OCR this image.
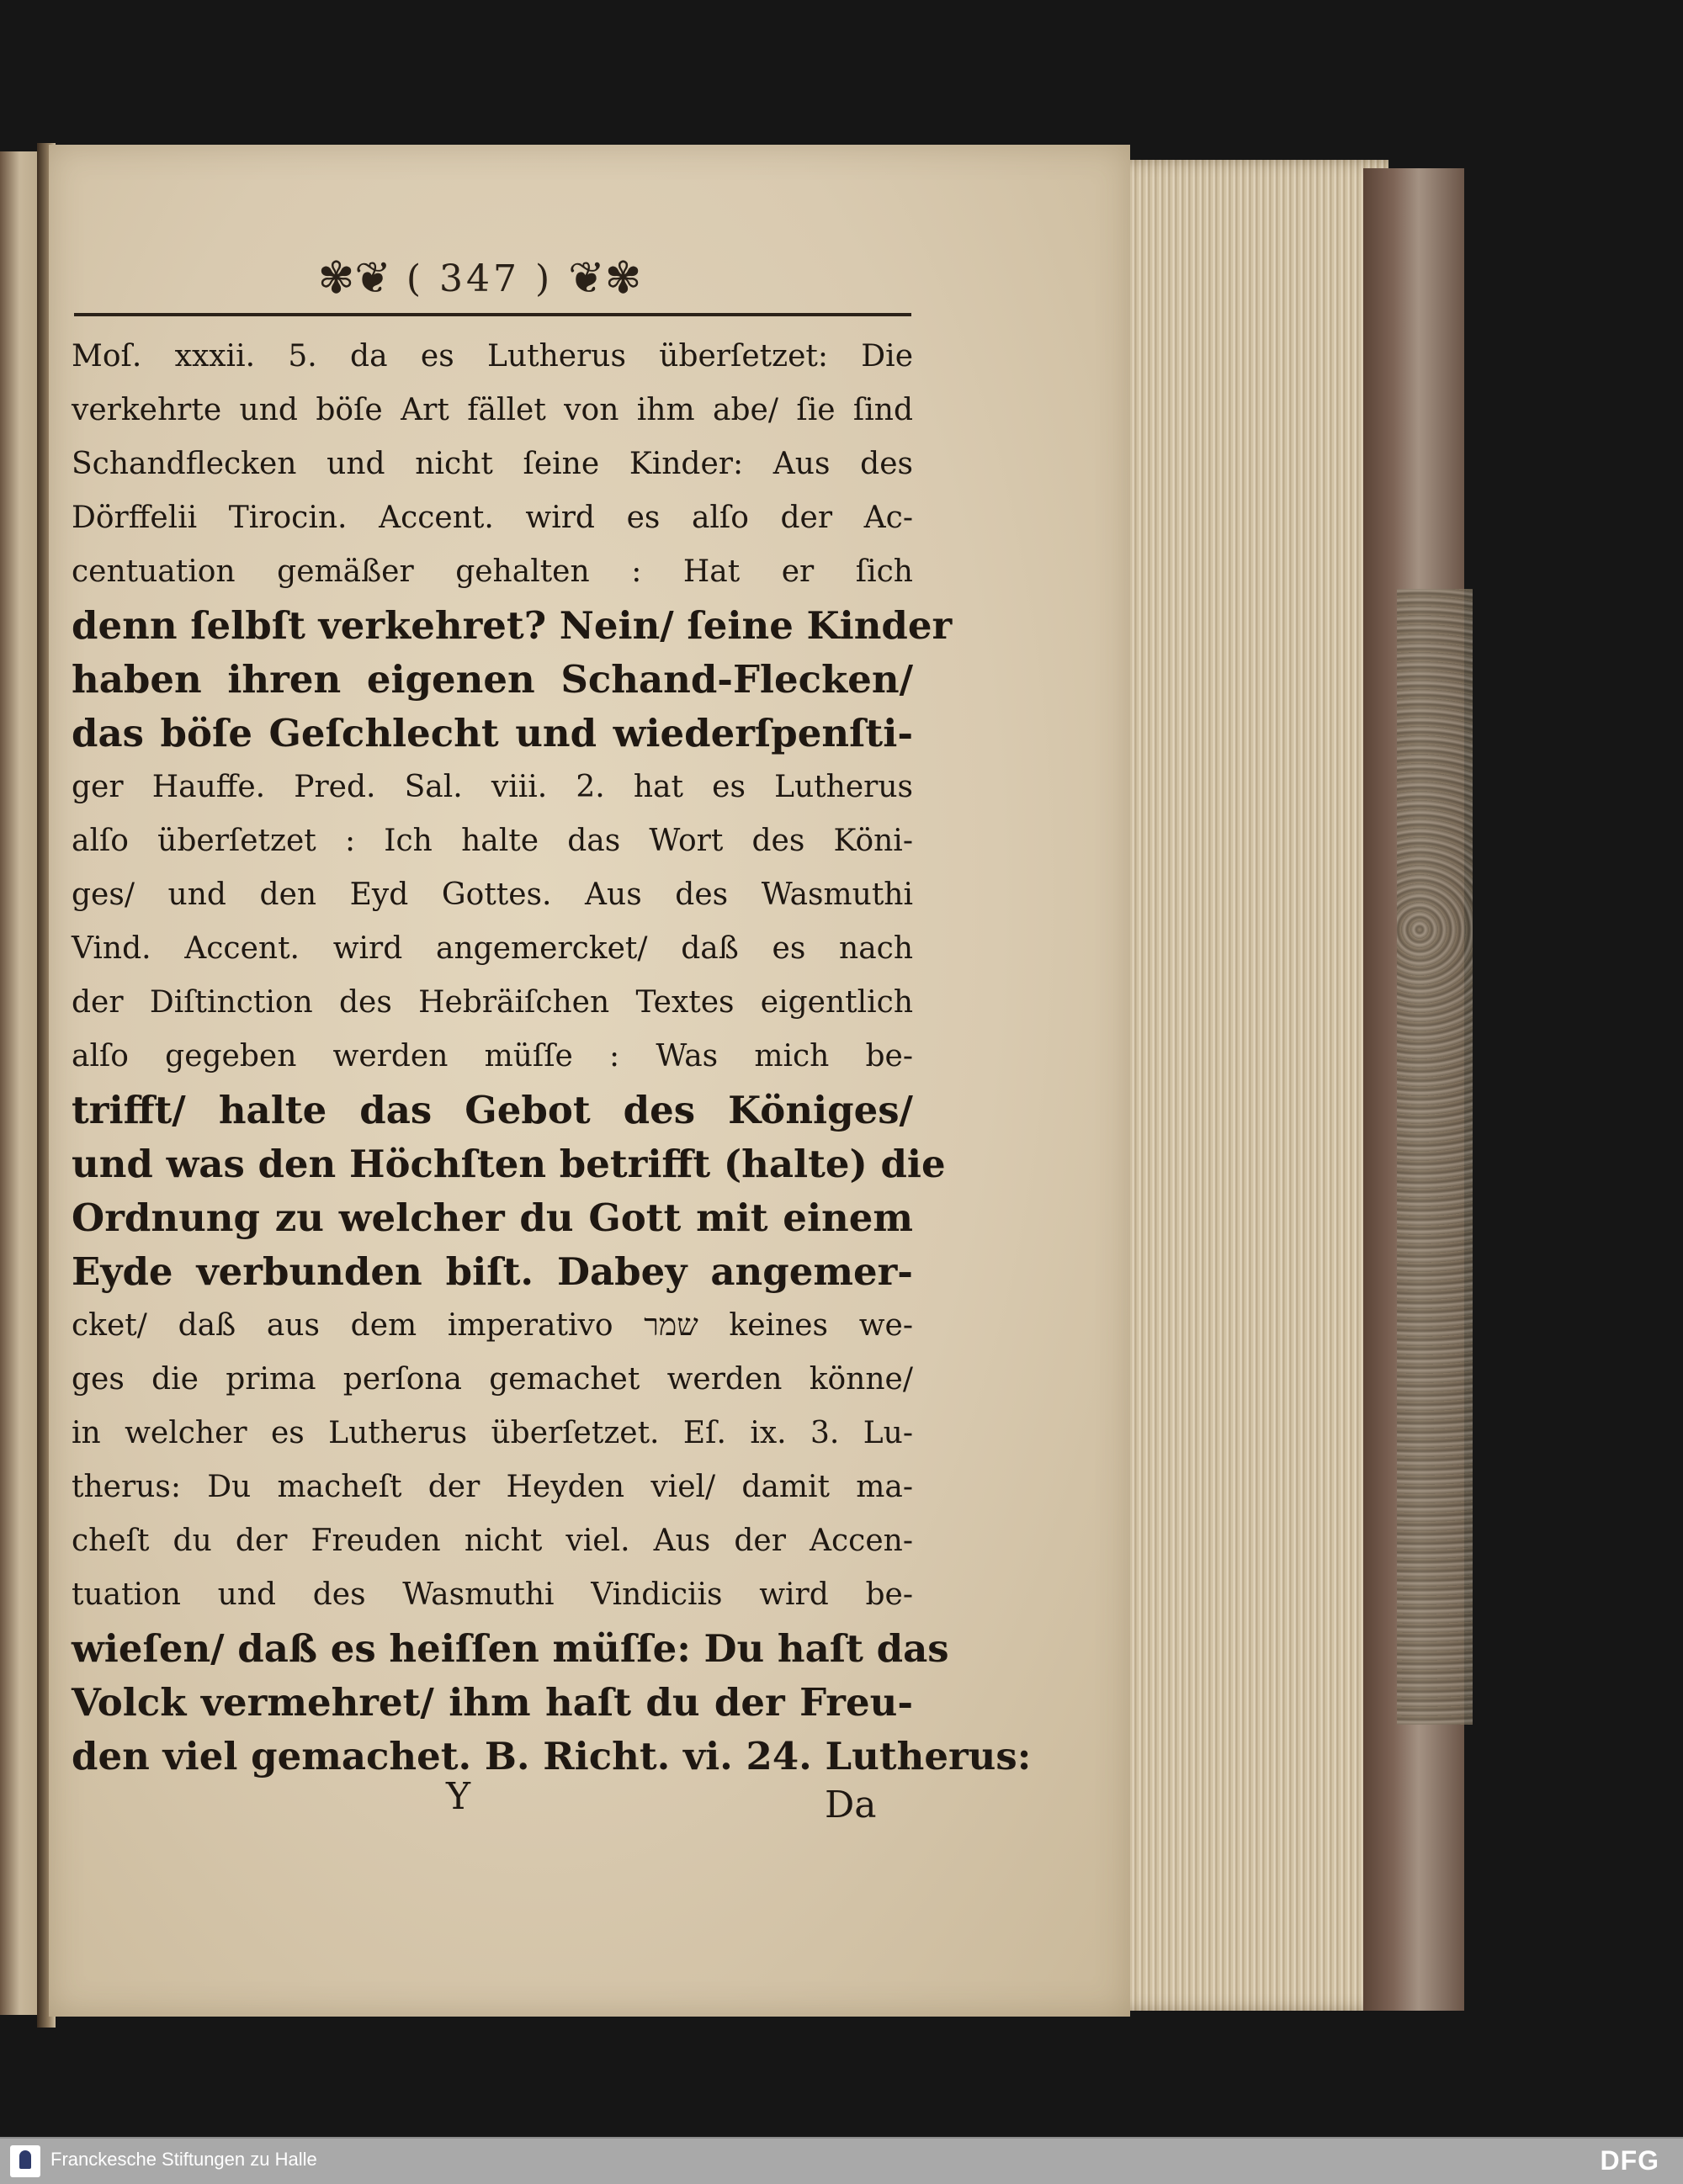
✾❦ ( 347 ) ❦✾
Moſ. xxxii. 5. da es Lutherus überſetzet: Die
verkehrte und böſe Art fället von ihm abe/ ſie ſind
Schandflecken und nicht ſeine Kinder: Aus des
Dörffelii Tirocin. Accent. wird es alſo der Ac-
centuation gemäßer gehalten : Hat er ſich
denn ſelbſt verkehret? Nein/ ſeine Kinder
haben ihren eigenen Schand-Flecken/
das böſe Geſchlecht und wiederſpenſti-
ger Hauffe. Pred. Sal. viii. 2. hat es Lutherus
alſo überſetzet : Ich halte das Wort des Köni-
ges/ und den Eyd Gottes. Aus des Wasmuthi
Vind. Accent. wird angemercket/ daß es nach
der Diſtinction des Hebräiſchen Textes eigentlich
alſo gegeben werden müſſe : Was mich be-
trifft/ halte das Gebot des Königes/
und was den Höchſten betrifft (halte) die
Ordnung zu welcher du Gott mit einem
Eyde verbunden biſt. Dabey angemer-
cket/ daß aus dem imperativo שמר keines we-
ges die prima perſona gemachet werden könne/
in welcher es Lutherus überſetzet. Eſ. ix. 3. Lu-
therus: Du macheſt der Heyden viel/ damit ma-
cheſt du der Freuden nicht viel. Aus der Accen-
tuation und des Wasmuthi Vindiciis wird be-
wieſen/ daß es heiſſen müſſe: Du haſt das
Volck vermehret/ ihm haſt du der Freu-
den viel gemachet. B. Richt. vi. 24. Lutherus:
Y	Da
Franckesche Stiftungen zu Halle	DFG
